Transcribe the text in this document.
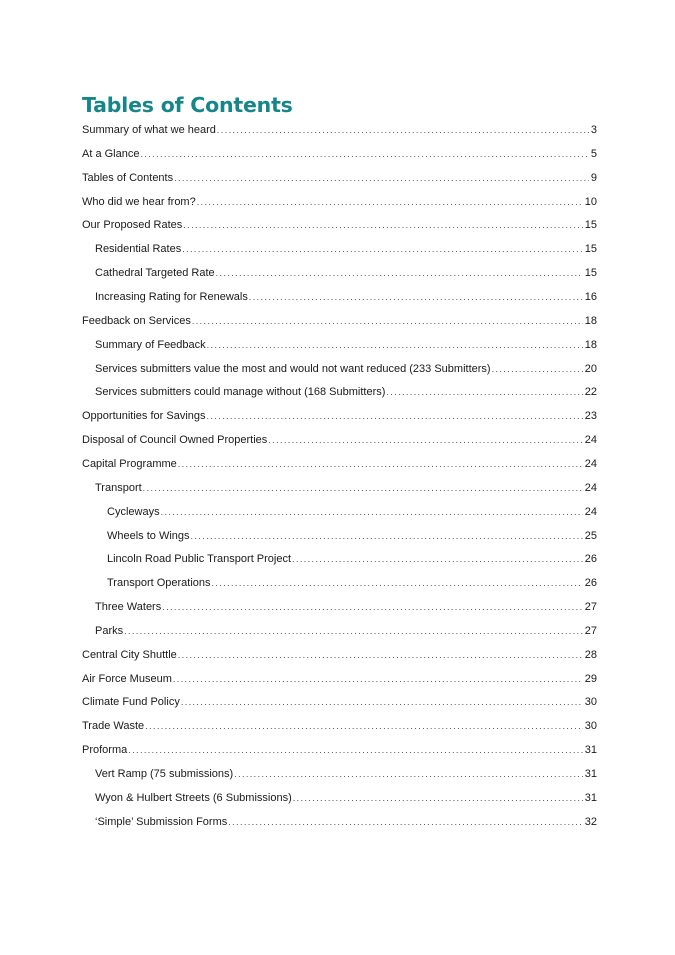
Tables of Contents
Summary of what we heard .....	3
At a Glance .....	5
Tables of Contents .....	9
Who did we hear from? .....	10
Our Proposed Rates .....	15
Residential Rates .....	15
Cathedral Targeted Rate .....	15
Increasing Rating for Renewals .....	16
Feedback on Services .....	18
Summary of Feedback .....	18
Services submitters value the most and would not want reduced (233 Submitters) .....	20
Services submitters could manage without (168 Submitters) .....	22
Opportunities for Savings .....	23
Disposal of Council Owned Properties .....	24
Capital Programme .....	24
Transport .....	24
Cycleways .....	24
Wheels to Wings .....	25
Lincoln Road Public Transport Project .....	26
Transport Operations .....	26
Three Waters .....	27
Parks .....	27
Central City Shuttle .....	28
Air Force Museum .....	29
Climate Fund Policy .....	30
Trade Waste .....	30
Proforma .....	31
Vert Ramp (75 submissions) .....	31
Wyon & Hulbert Streets (6 Submissions) .....	31
‘Simple’ Submission Forms .....	32
